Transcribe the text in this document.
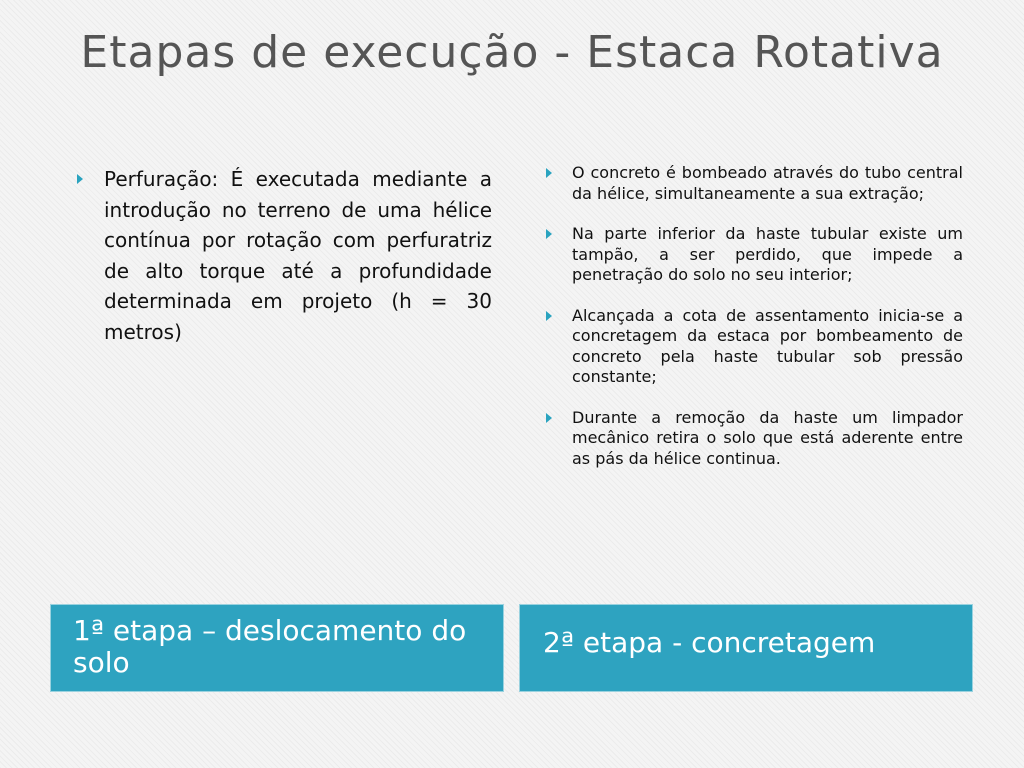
Etapas de execução - Estaca Rotativa
Perfuração: É executada mediante a introdução no terreno de uma hélice contínua por rotação com perfuratriz de alto torque até a profundidade determinada em projeto (h = 30 metros)
O concreto é bombeado através do tubo central da hélice, simultaneamente a sua extração;
Na parte inferior da haste tubular existe um tampão, a ser perdido, que impede a penetração do solo no seu interior;
Alcançada a cota de assentamento inicia-se a concretagem da estaca por bombeamento de concreto pela haste tubular sob pressão constante;
Durante a remoção da haste um limpador mecânico retira o solo que está aderente entre as pás da hélice continua.
1ª etapa – deslocamento do solo
2ª etapa - concretagem
